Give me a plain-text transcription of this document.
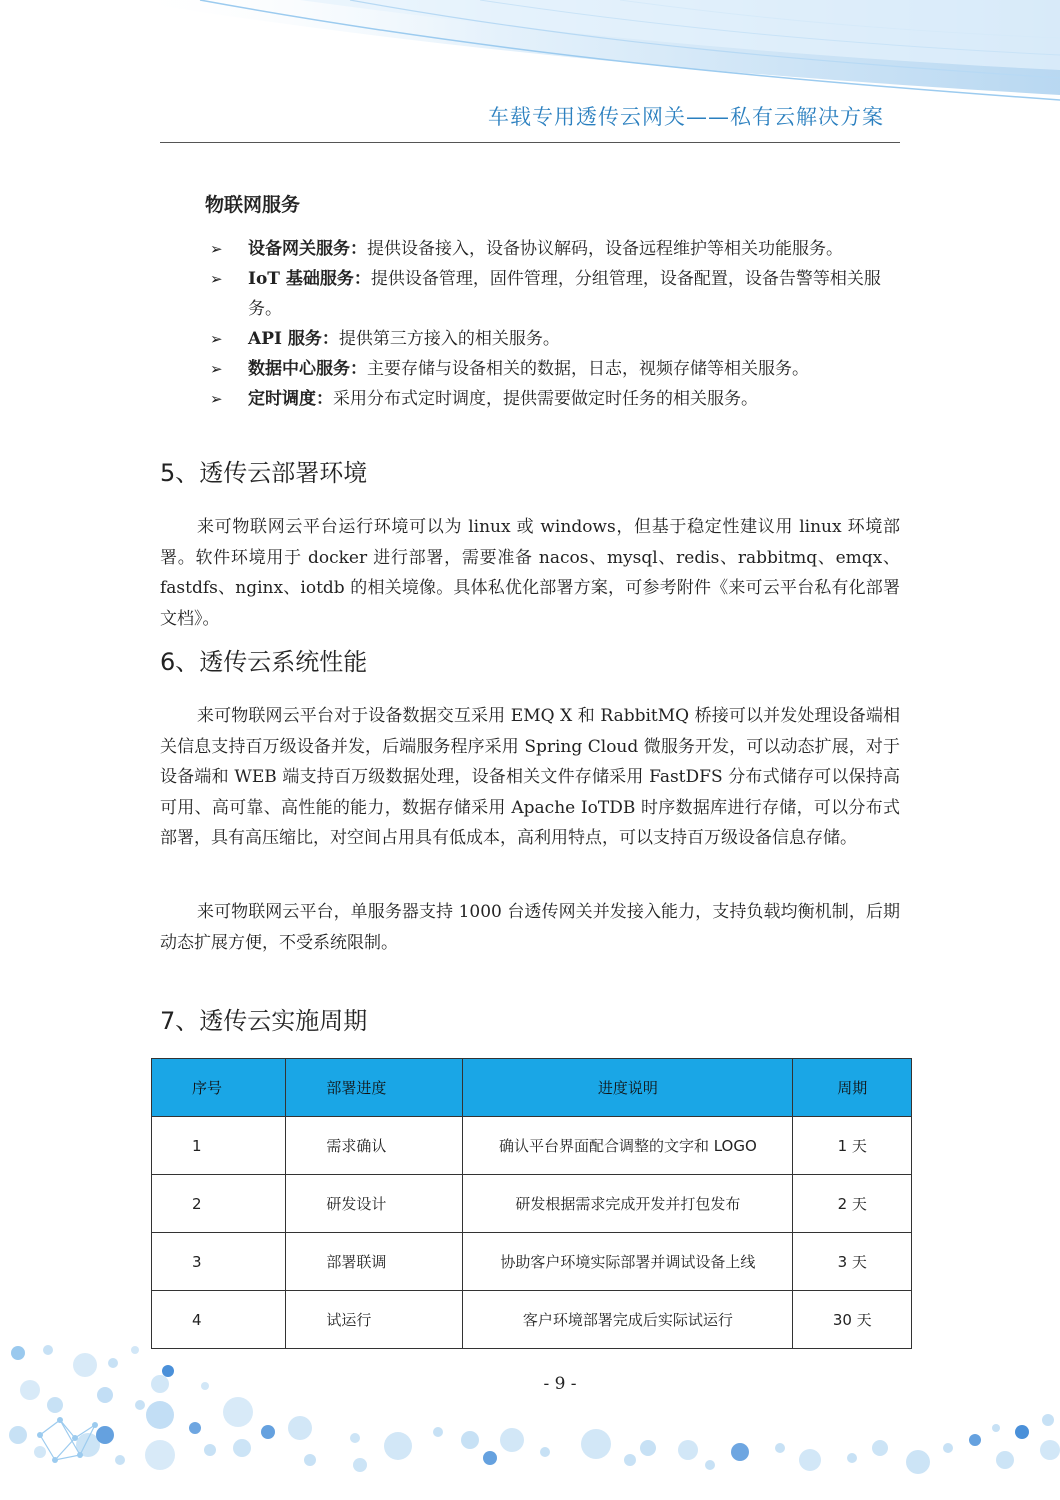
车载专用透传云网关——私有云解决方案
物联网服务
➢ 设备网关服务：提供设备接入，设备协议解码，设备远程维护等相关功能服务。
➢ IoT 基础服务：提供设备管理，固件管理，分组管理，设备配置，设备告警等相关服务。
➢ API 服务：提供第三方接入的相关服务。
➢ 数据中心服务：主要存储与设备相关的数据，日志，视频存储等相关服务。
➢ 定时调度：采用分布式定时调度，提供需要做定时任务的相关服务。
5、透传云部署环境

来可物联网云平台运行环境可以为 linux 或 windows，但基于稳定性建议用 linux 环境部署。软件环境用于 docker 进行部署，需要准备 nacos、mysql、redis、rabbitmq、emqx、fastdfs、nginx、iotdb 的相关境像。具体私优化部署方案，可参考附件《来可云平台私有化部署文档》。

6、透传云系统性能

来可物联网云平台对于设备数据交互采用 EMQ X 和 RabbitMQ 桥接可以并发处理设备端相关信息支持百万级设备并发，后端服务程序采用 Spring Cloud 微服务开发，可以动态扩展，对于设备端和 WEB 端支持百万级数据处理，设备相关文件存储采用 FastDFS 分布式储存可以保持高可用、高可靠、高性能的能力，数据存储采用 Apache IoTDB 时序数据库进行存储，可以分布式部署，具有高压缩比，对空间占用具有低成本，高利用特点，可以支持百万级设备信息存储。

来可物联网云平台，单服务器支持 1000 台透传网关并发接入能力，支持负载均衡机制，后期动态扩展方便，不受系统限制。

7、透传云实施周期
序号	部署进度	进度说明	周期
1	需求确认	确认平台界面配合调整的文字和 LOGO	1 天
2	研发设计	研发根据需求完成开发并打包发布	2 天
3	部署联调	协助客户环境实际部署并调试设备上线	3 天
4	试运行	客户环境部署完成后实际试运行	30 天
- 9 -
